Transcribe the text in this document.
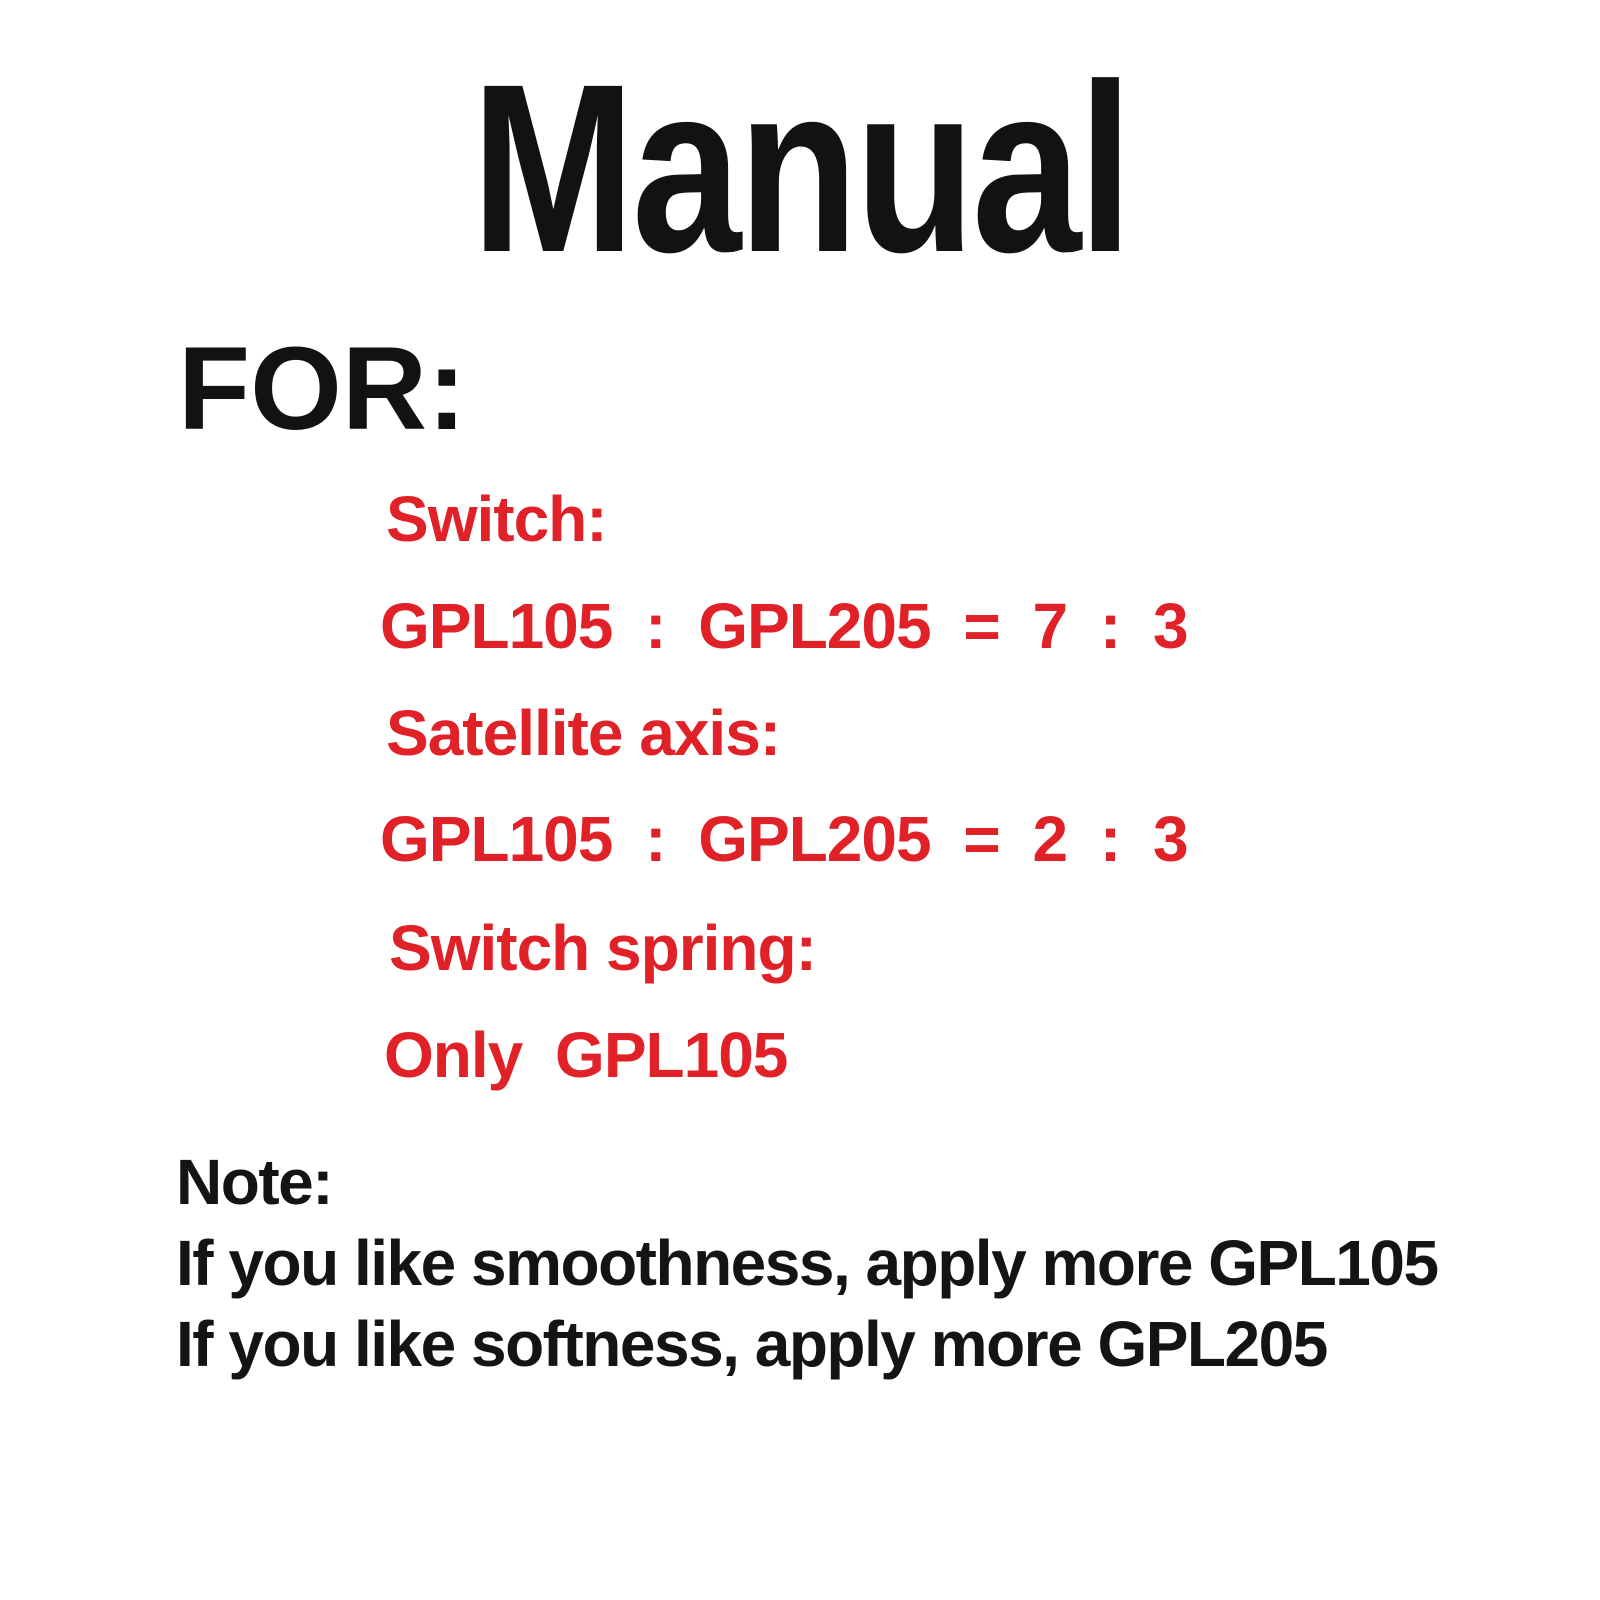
Manual
FOR:
Switch:
GPL105 : GPL205 = 7 : 3
Satellite axis:
GPL105 : GPL205 = 2 : 3
Switch spring:
Only GPL105
Note:
If you like smoothness, apply more GPL105
If you like softness, apply more GPL205
